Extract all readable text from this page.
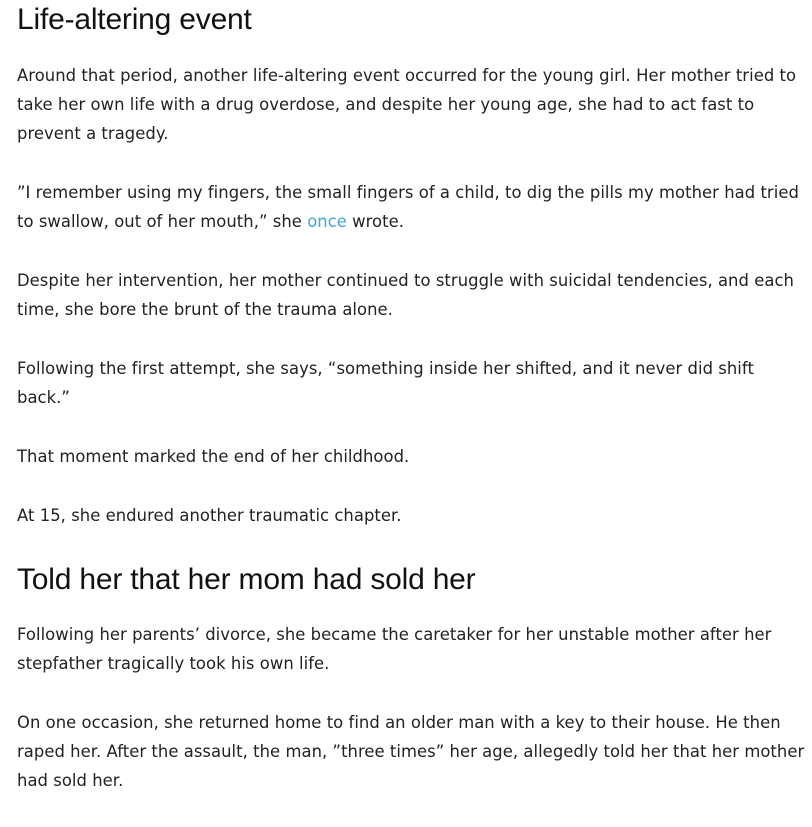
Life-altering event

Around that period, another life-altering event occurred for the young girl. Her mother tried to take her own life with a drug overdose, and despite her young age, she had to act fast to prevent a tragedy.

”I remember using my fingers, the small fingers of a child, to dig the pills my mother had tried to swallow, out of her mouth,” she once wrote.

Despite her intervention, her mother continued to struggle with suicidal tendencies, and each time, she bore the brunt of the trauma alone.

Following the first attempt, she says, “something inside her shifted, and it never did shift back.”

That moment marked the end of her childhood.

At 15, she endured another traumatic chapter.

Told her that her mom had sold her

Following her parents’ divorce, she became the caretaker for her unstable mother after her stepfather tragically took his own life.

On one occasion, she returned home to find an older man with a key to their house. He then raped her. After the assault, the man, ”three times” her age, allegedly told her that her mother had sold her.
